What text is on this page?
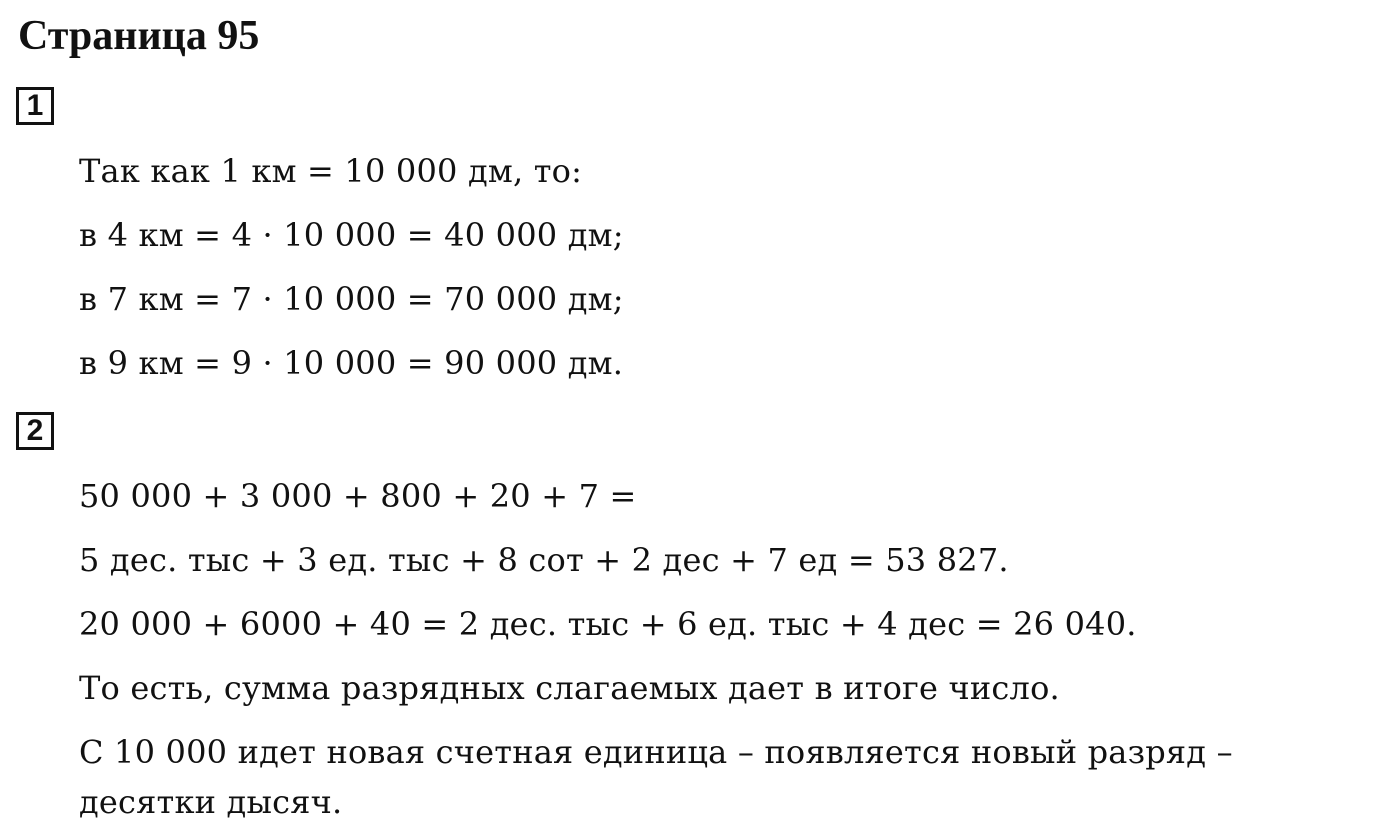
Страница 95
1
Так как 1 км = 10 000 дм, то:
в 4 км = 4 · 10 000 = 40 000 дм;
в 7 км = 7 · 10 000 = 70 000 дм;
в 9 км = 9 · 10 000 = 90 000 дм.
2
50 000 + 3 000 + 800 + 20 + 7 =
5 дес. тыс + 3 ед. тыс + 8 сот + 2 дес + 7 ед = 53 827.
20 000 + 6000 + 40 = 2 дес. тыс + 6 ед. тыс + 4 дес = 26 040.
То есть, сумма разрядных слагаемых дает в итоге число.
С 10 000 идет новая счетная единица – появляется новый разряд – десятки дысяч.
